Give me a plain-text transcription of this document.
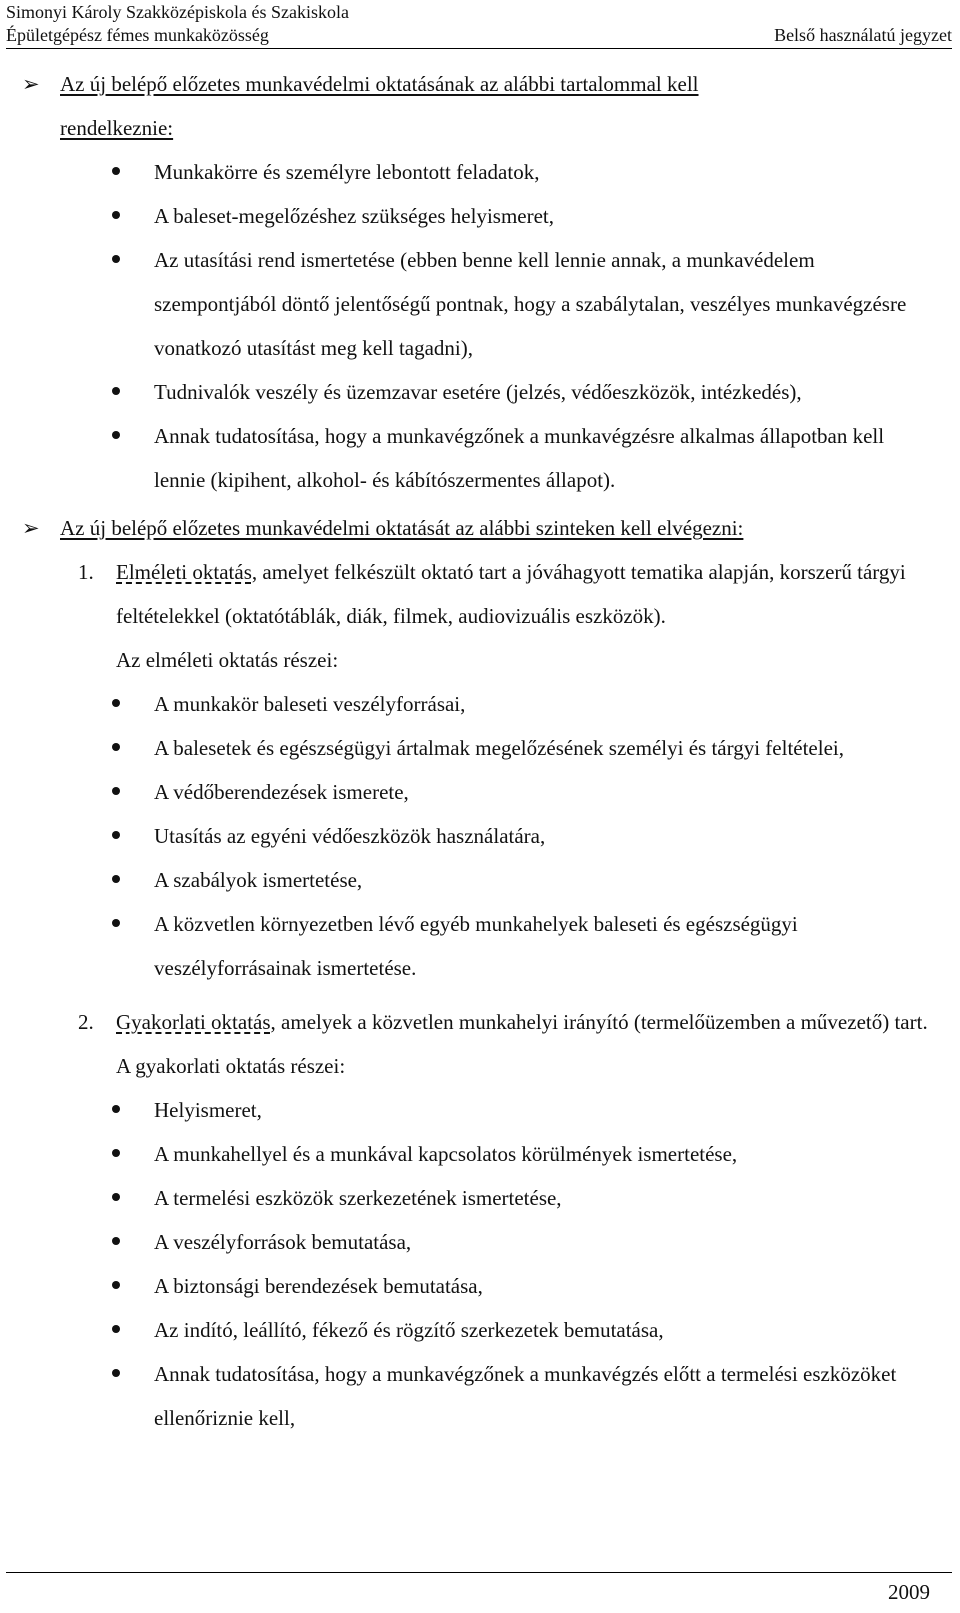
Simonyi Károly Szakközépiskola és Szakiskola
Épületgépész fémes munkaközösség	Belső használatú jegyzet
➢ Az új belépő előzetes munkavédelmi oktatásának az alábbi tartalommal kell
rendelkeznie:
Munkakörre és személyre lebontott feladatok,
A baleset-megelőzéshez szükséges helyismeret,
Az utasítási rend ismertetése (ebben benne kell lennie annak, a munkavédelem szempontjából döntő jelentőségű pontnak, hogy a szabálytalan, veszélyes munkavégzésre vonatkozó utasítást meg kell tagadni),
Tudnivalók veszély és üzemzavar esetére (jelzés, védőeszközök, intézkedés),
Annak tudatosítása, hogy a munkavégzőnek a munkavégzésre alkalmas állapotban kell lennie (kipihent, alkohol- és kábítószermentes állapot).
➢ Az új belépő előzetes munkavédelmi oktatását az alábbi szinteken kell elvégezni:
1. Elméleti oktatás, amelyet felkészült oktató tart a jóváhagyott tematika alapján, korszerű tárgyi feltételekkel (oktatótáblák, diák, filmek, audiovizuális eszközök).
Az elméleti oktatás részei:
A munkakör baleseti veszélyforrásai,
A balesetek és egészségügyi ártalmak megelőzésének személyi és tárgyi feltételei,
A védőberendezések ismerete,
Utasítás az egyéni védőeszközök használatára,
A szabályok ismertetése,
A közvetlen környezetben lévő egyéb munkahelyek baleseti és egészségügyi veszélyforrásainak ismertetése.
2. Gyakorlati oktatás, amelyek a közvetlen munkahelyi irányító (termelőüzemben a művezető) tart. A gyakorlati oktatás részei:
Helyismeret,
A munkahellyel és a munkával kapcsolatos körülmények ismertetése,
A termelési eszközök szerkezetének ismertetése,
A veszélyforrások bemutatása,
A biztonsági berendezések bemutatása,
Az indító, leállító, fékező és rögzítő szerkezetek bemutatása,
Annak tudatosítása, hogy a munkavégzőnek a munkavégzés előtt a termelési eszközöket ellenőriznie kell,
2009
